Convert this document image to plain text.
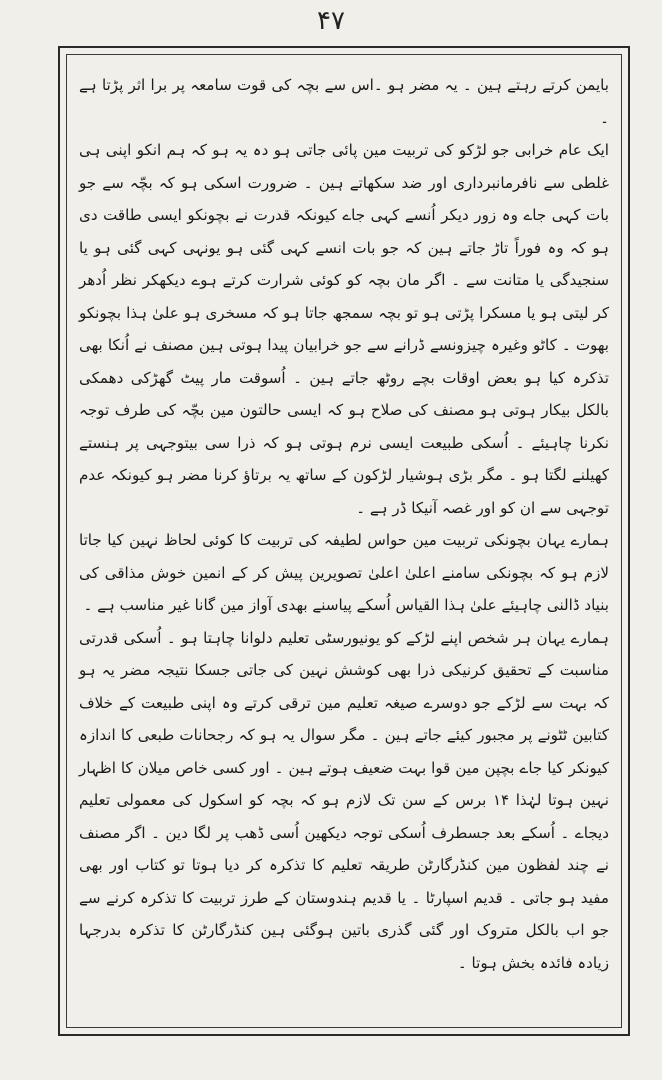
۴۷

بایمن کرتے رہتے ہین ۔ یہ مضر ہو ۔اس سے بچہ کی قوت سامعہ پر برا اثر پڑتا ہے ۔

ایک عام خرابی جو لڑکو کی تربیت مین پائی جاتی ہو دہ یہ ہو کہ ہم انکو اپنی ہی غلطی سے نافرمانبرداری اور ضد سکھاتے ہین ۔ ضرورت اسکی ہو کہ بچّہ سے جو بات کہی جاے وہ زور دیکر اُنسے کہی جاے کیونکہ قدرت نے بچونکو ایسی طاقت دی ہو کہ وہ فوراً تاڑ جاتے ہین کہ جو بات انسے کہی گئی ہو یونہی کہی گئی ہو یا سنجیدگی یا متانت سے ۔ اگر مان بچہ کو کوئی شرارت کرتے ہوے دیکھکر نظر اُدھر کر لیتی ہو یا مسکرا پڑتی ہو تو بچہ سمجھ جاتا ہو کہ مسخری ہو علیٰ ہذا بچونکو بھوت ۔ کاٹو وغیرہ چیزونسے ڈرانے سے جو خرابیان پیدا ہوتی ہین مصنف نے اُنکا بھی تذکرہ کیا ہو بعض اوقات بچے روٹھ جاتے ہین ۔ اُسوقت مار پیٹ گھڑکی دھمکی بالکل بیکار ہوتی ہو مصنف کی صلاح ہو کہ ایسی حالتون مین بچّہ کی طرف توجہ نکرنا چاہیئے ۔ اُسکی طبیعت ایسی نرم ہوتی ہو کہ ذرا سی بیتوجہی پر ہنستے کھیلنے لگتا ہو ۔ مگر بڑی ہوشیار لڑکون کے ساتھ یہ برتاؤ کرنا مضر ہو کیونکہ عدم توجہی سے ان کو اور غصہ آنیکا ڈر ہے ۔

ہمارے یہان بچونکی تربیت مین حواس لطیفہ کی تربیت کا کوئی لحاظ نہین کیا جاتا لازم ہو کہ بچونکی سامنے اعلیٰ اعلیٰ تصویرین پیش کر کے انمین خوش مذاقی کی بنیاد ڈالنی چاہیئے علیٰ ہذا القیاس اُسکے پیاسنے بھدی آواز مین گانا غیر مناسب ہے ۔

ہمارے یہان ہر شخص اپنے لڑکے کو یونیورسٹی تعلیم دلوانا چاہتا ہو ۔ اُسکی قدرتی مناسبت کے تحقیق کرنیکی ذرا بھی کوشش نہین کی جاتی جسکا نتیجہ مضر یہ ہو کہ بہت سے لڑکے جو دوسرے صیغہ تعلیم مین ترقی کرتے وہ اپنی طبیعت کے خلاف کتابین ٹٹونے پر مجبور کیئے جاتے ہین ۔ مگر سوال یہ ہو کہ رجحانات طبعی کا اندازہ کیونکر کیا جاے بچپن مین قوا بہت ضعیف ہوتے ہین ۔ اور کسی خاص میلان کا اظہار نہین ہوتا لہٰذا ۱۴ برس کے سن تک لازم ہو کہ بچہ کو اسکول کی معمولی تعلیم دیجاے ۔ اُسکے بعد جسطرف اُسکی توجہ دیکھین اُسی ڈھب پر لگا دین ۔ اگر مصنف نے چند لفظون مین کنڈرگارٹن طریقہ تعلیم کا تذکرہ کر دیا ہوتا تو کتاب اور بھی مفید ہو جاتی ۔ قدیم اسپارٹا ۔ یا قدیم ہندوستان کے طرز تربیت کا تذکرہ کرنے سے جو اب بالکل متروک اور گئی گذری باتین ہوگئی ہین کنڈرگارٹن کا تذکرہ بدرجہا زیادہ فائدہ بخش ہوتا ۔
